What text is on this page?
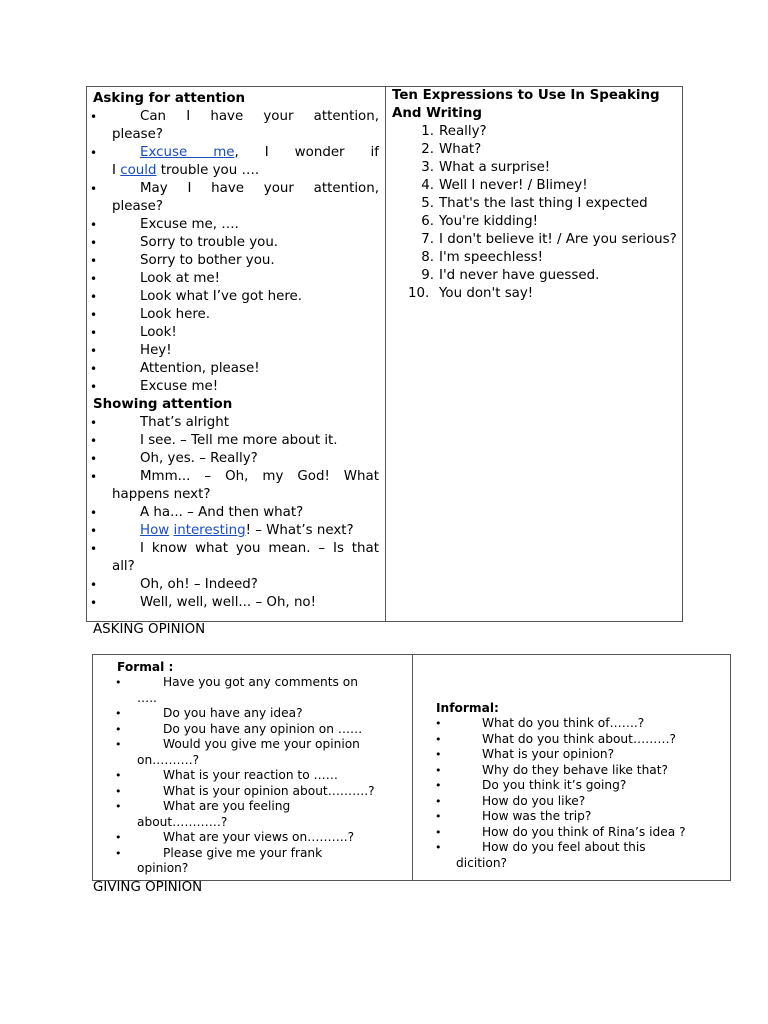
Asking for attention
• Can I have your attention,
please?
• Excuse me, I wonder if
I could trouble you ….
• May I have your attention,
please?
• Excuse me, ….
• Sorry to trouble you.
• Sorry to bother you.
• Look at me!
• Look what I’ve got here.
• Look here.
• Look!
• Hey!
• Attention, please!
• Excuse me!
Showing attention
• That’s alright
• I see. – Tell me more about it.
• Oh, yes. – Really?
• Mmm... – Oh, my God! What
happens next?
• A ha... – And then what?
• How interesting! – What’s next?
• I know what you mean. – Is that
all?
• Oh, oh! – Indeed?
• Well, well, well... – Oh, no!
Ten Expressions to Use In Speaking And Writing
1. Really?
2. What?
3. What a surprise!
4. Well I never! / Blimey!
5. That's the last thing I expected
6. You're kidding!
7. I don't believe it! / Are you serious?
8. I'm speechless!
9. I'd never have guessed.
10. You don't say!
ASKING OPINION
Formal :
• Have you got any comments on
…..
• Do you have any idea?
• Do you have any opinion on ……
• Would you give me your opinion
on……….?
• What is your reaction to ……
• What is your opinion about……….?
• What are you feeling
about…………?
• What are your views on……….?
• Please give me your frank
opinion?
Informal:
• What do you think of…….?
• What do you think about………?
• What is your opinion?
• Why do they behave like that?
• Do you think it’s going?
• How do you like?
• How was the trip?
• How do you think of Rina’s idea ?
• How do you feel about this
dicition?
GIVING OPINION
